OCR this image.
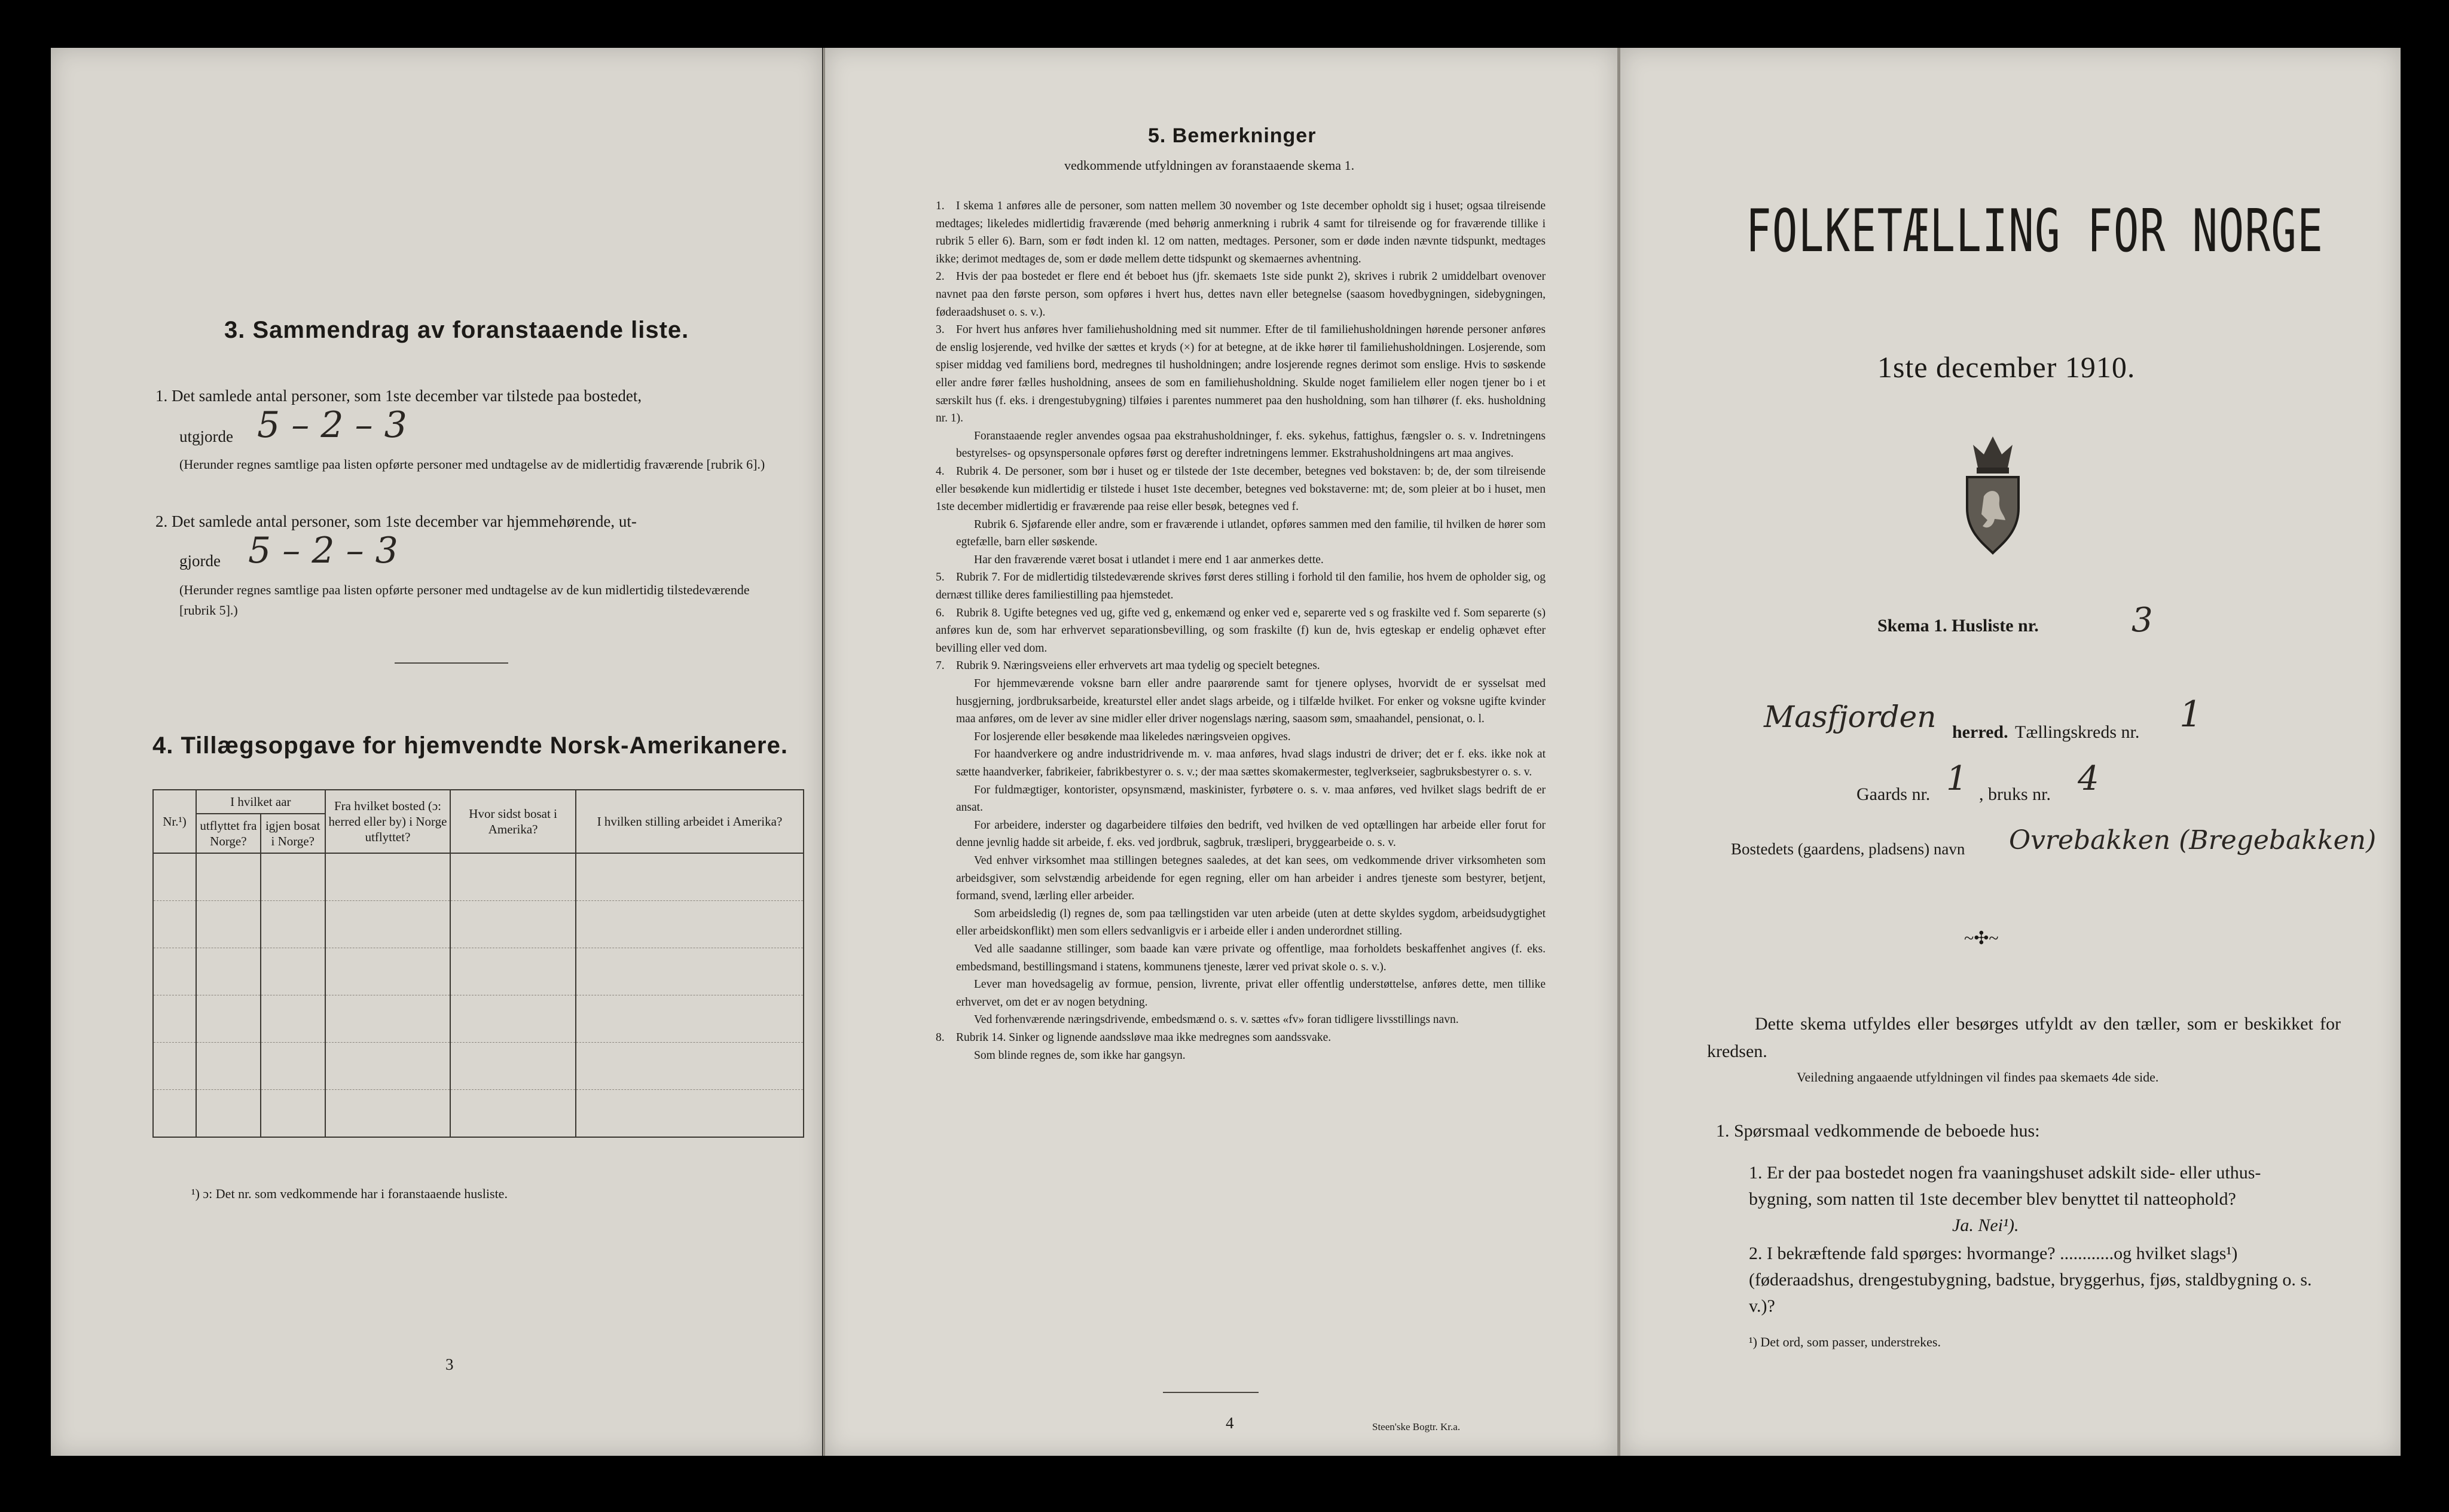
3. Sammendrag av foranstaaende liste.
1. Det samlede antal personer, som 1ste december var tilstede paa bostedet,
utgjorde 5 – 2 – 3
(Herunder regnes samtlige paa listen opførte personer med undtagelse av de midlertidig fraværende [rubrik 6].)
2. Det samlede antal personer, som 1ste december var hjemmehørende, ut-
gjorde 5 – 2 – 3
(Herunder regnes samtlige paa listen opførte personer med undtagelse av de kun midlertidig tilstedeværende [rubrik 5].)
4. Tillægsopgave for hjemvendte Norsk-Amerikanere.
Nr.¹)	I hvilket aar		Fra hvilket bosted (ɔ: herred eller by) i Norge utflyttet?	Hvor sidst bosat i Amerika?	I hvilken stilling arbeidet i Amerika?
	utflyttet fra Norge?	igjen bosat i Norge?			

¹) ɔ: Det nr. som vedkommende har i foranstaaende husliste.
3
5. Bemerkninger
vedkommende utfyldningen av foranstaaende skema 1.

1. I skema 1 anføres alle de personer, som natten mellem 30 november og 1ste december opholdt sig i huset; ogsaa tilreisende medtages; likeledes midlertidig fraværende (med behørig anmerkning i rubrik 4 samt for tilreisende og for fraværende tillike i rubrik 5 eller 6). Barn, som er født inden kl. 12 om natten, medtages. Personer, som er døde inden nævnte tidspunkt, medtages ikke; derimot medtages de, som er døde mellem dette tidspunkt og skemaernes avhentning.

2. Hvis der paa bostedet er flere end ét beboet hus (jfr. skemaets 1ste side punkt 2), skrives i rubrik 2 umiddelbart ovenover navnet paa den første person, som opføres i hvert hus, dettes navn eller betegnelse (saasom hovedbygningen, sidebygningen, føderaadshuset o. s. v.).

3. For hvert hus anføres hver familiehusholdning med sit nummer. Efter de til familiehusholdningen hørende personer anføres de enslig losjerende, ved hvilke der sættes et kryds (×) for at betegne, at de ikke hører til familiehusholdningen. Losjerende, som spiser middag ved familiens bord, medregnes til husholdningen; andre losjerende regnes derimot som enslige. Hvis to søskende eller andre fører fælles husholdning, ansees de som en familiehusholdning. Skulde noget familielem eller nogen tjener bo i et særskilt hus (f. eks. i drengestubygning) tilføies i parentes nummeret paa den husholdning, som han tilhører (f. eks. husholdning nr. 1).

Foranstaaende regler anvendes ogsaa paa ekstrahusholdninger, f. eks. sykehus, fattighus, fængsler o. s. v. Indretningens bestyrelses- og opsynspersonale opføres først og derefter indretningens lemmer. Ekstrahusholdningens art maa angives.

4. Rubrik 4. De personer, som bør i huset og er tilstede der 1ste december, betegnes ved bokstaven: b; de, der som tilreisende eller besøkende kun midlertidig er tilstede i huset 1ste december, betegnes ved bokstaverne: mt; de, som pleier at bo i huset, men 1ste december midlertidig er fraværende paa reise eller besøk, betegnes ved f.

Rubrik 6. Sjøfarende eller andre, som er fraværende i utlandet, opføres sammen med den familie, til hvilken de hører som egtefælle, barn eller søskende.

Har den fraværende været bosat i utlandet i mere end 1 aar anmerkes dette.

5. Rubrik 7. For de midlertidig tilstedeværende skrives først deres stilling i forhold til den familie, hos hvem de opholder sig, og dernæst tillike deres familiestilling paa hjemstedet.

6. Rubrik 8. Ugifte betegnes ved ug, gifte ved g, enkemænd og enker ved e, separerte ved s og fraskilte ved f. Som separerte (s) anføres kun de, som har erhvervet separationsbevilling, og som fraskilte (f) kun de, hvis egteskap er endelig ophævet efter bevilling eller ved dom.

7. Rubrik 9. Næringsveiens eller erhvervets art maa tydelig og specielt betegnes.

For hjemmeværende voksne barn eller andre paarørende samt for tjenere oplyses, hvorvidt de er sysselsat med husgjerning, jordbruksarbeide, kreaturstel eller andet slags arbeide, og i tilfælde hvilket. For enker og voksne ugifte kvinder maa anføres, om de lever av sine midler eller driver nogenslags næring, saasom søm, smaahandel, pensionat, o. l.

For losjerende eller besøkende maa likeledes næringsveien opgives.

For haandverkere og andre industridrivende m. v. maa anføres, hvad slags industri de driver; det er f. eks. ikke nok at sætte haandverker, fabrikeier, fabrikbestyrer o. s. v.; der maa sættes skomakermester, teglverkseier, sagbruksbestyrer o. s. v.

For fuldmægtiger, kontorister, opsynsmænd, maskinister, fyrbøtere o. s. v. maa anføres, ved hvilket slags bedrift de er ansat.

For arbeidere, inderster og dagarbeidere tilføies den bedrift, ved hvilken de ved optællingen har arbeide eller forut for denne jevnlig hadde sit arbeide, f. eks. ved jordbruk, sagbruk, træsliperi, bryggearbeide o. s. v.

Ved enhver virksomhet maa stillingen betegnes saaledes, at det kan sees, om vedkommende driver virksomheten som arbeidsgiver, som selvstændig arbeidende for egen regning, eller om han arbeider i andres tjeneste som bestyrer, betjent, formand, svend, lærling eller arbeider.

Som arbeidsledig (l) regnes de, som paa tællingstiden var uten arbeide (uten at dette skyldes sygdom, arbeidsudygtighet eller arbeidskonflikt) men som ellers sedvanligvis er i arbeide eller i anden underordnet stilling.

Ved alle saadanne stillinger, som baade kan være private og offentlige, maa forholdets beskaffenhet angives (f. eks. embedsmand, bestillingsmand i statens, kommunens tjeneste, lærer ved privat skole o. s. v.).

Lever man hovedsagelig av formue, pension, livrente, privat eller offentlig understøttelse, anføres dette, men tillike erhvervet, om det er av nogen betydning.

Ved forhenværende næringsdrivende, embedsmænd o. s. v. sættes «fv» foran tidligere livsstillings navn.

8. Rubrik 14. Sinker og lignende aandssløve maa ikke medregnes som aandssvake.

Som blinde regnes de, som ikke har gangsyn.

4	Steen'ske Bogtr. Kr.a.
FOLKETÆLLING FOR NORGE
1ste december 1910.
Skema 1. Husliste nr.	3
Masfjorden herred. Tællingskreds nr. 1
Gaards nr. 1 , bruks nr. 4
Bostedets (gaardens, pladsens) navn Ovrebakken (Bregebakken)
~✣~
Dette skema utfyldes eller besørges utfyldt av den tæller, som er beskikket for kredsen.
Veiledning angaaende utfyldningen vil findes paa skemaets 4de side.
1. Spørsmaal vedkommende de beboede hus:
1. Er der paa bostedet nogen fra vaaningshuset adskilt side- eller uthus-bygning, som natten til 1ste december blev benyttet til natteophold?
Ja. Nei¹).
2. I bekræftende fald spørges: hvormange? ............og hvilket slags¹) (føderaadshus, drengestubygning, badstue, bryggerhus, fjøs, staldbygning o. s. v.)?
¹) Det ord, som passer, understrekes.
